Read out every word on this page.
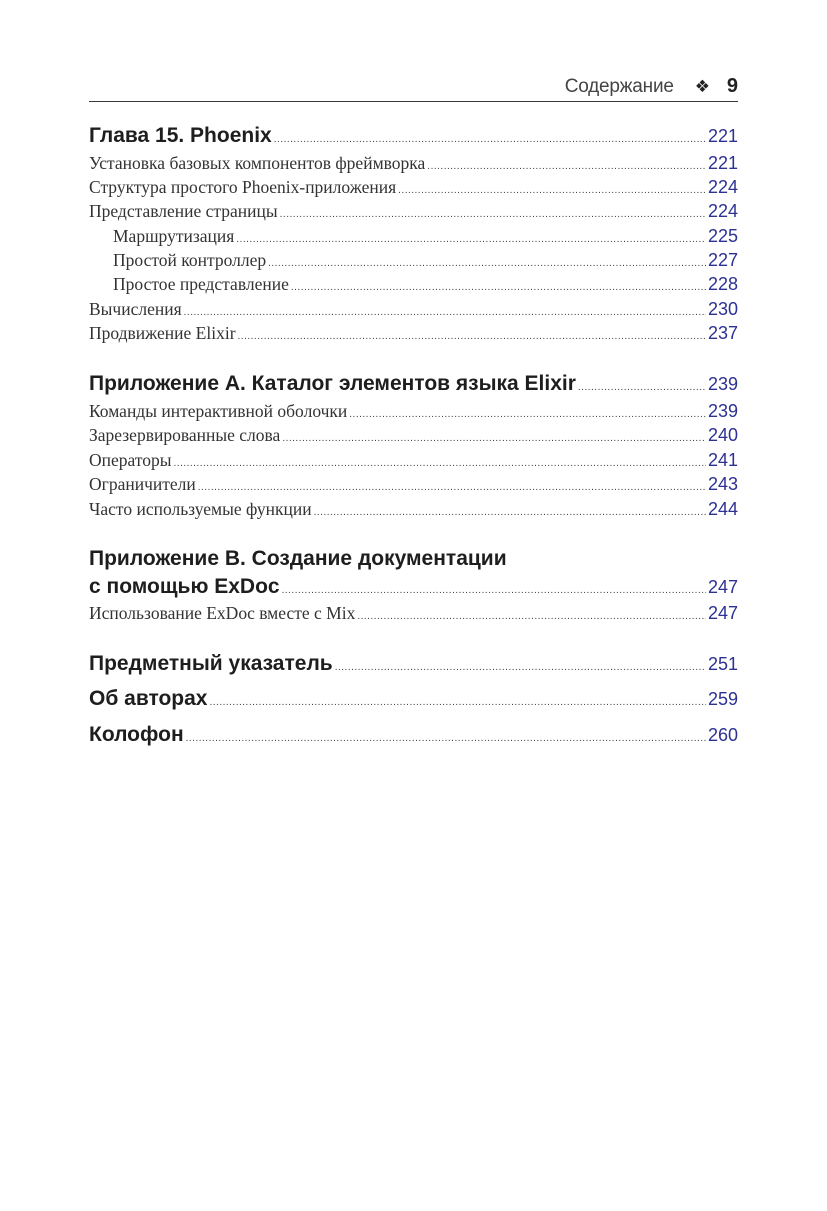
Содержание ❖ 9
Глава 15. Phoenix .....	221
Установка базовых компонентов фреймворка .....	221
Структура простого Phoenix-приложения .....	224
Представление страницы .....	224
Маршрутизация .....	225
Простой контроллер .....	227
Простое представление .....	228
Вычисления .....	230
Продвижение Elixir .....	237
Приложение А. Каталог элементов языка Elixir .....	239
Команды интерактивной оболочки .....	239
Зарезервированные слова .....	240
Операторы .....	241
Ограничители .....	243
Часто используемые функции .....	244
Приложение В. Создание документации
с помощью ExDoc .....	247
Использование ExDoc вместе с Mix .....	247
Предметный указатель .....	251
Об авторах .....	259
Колофон .....	260
